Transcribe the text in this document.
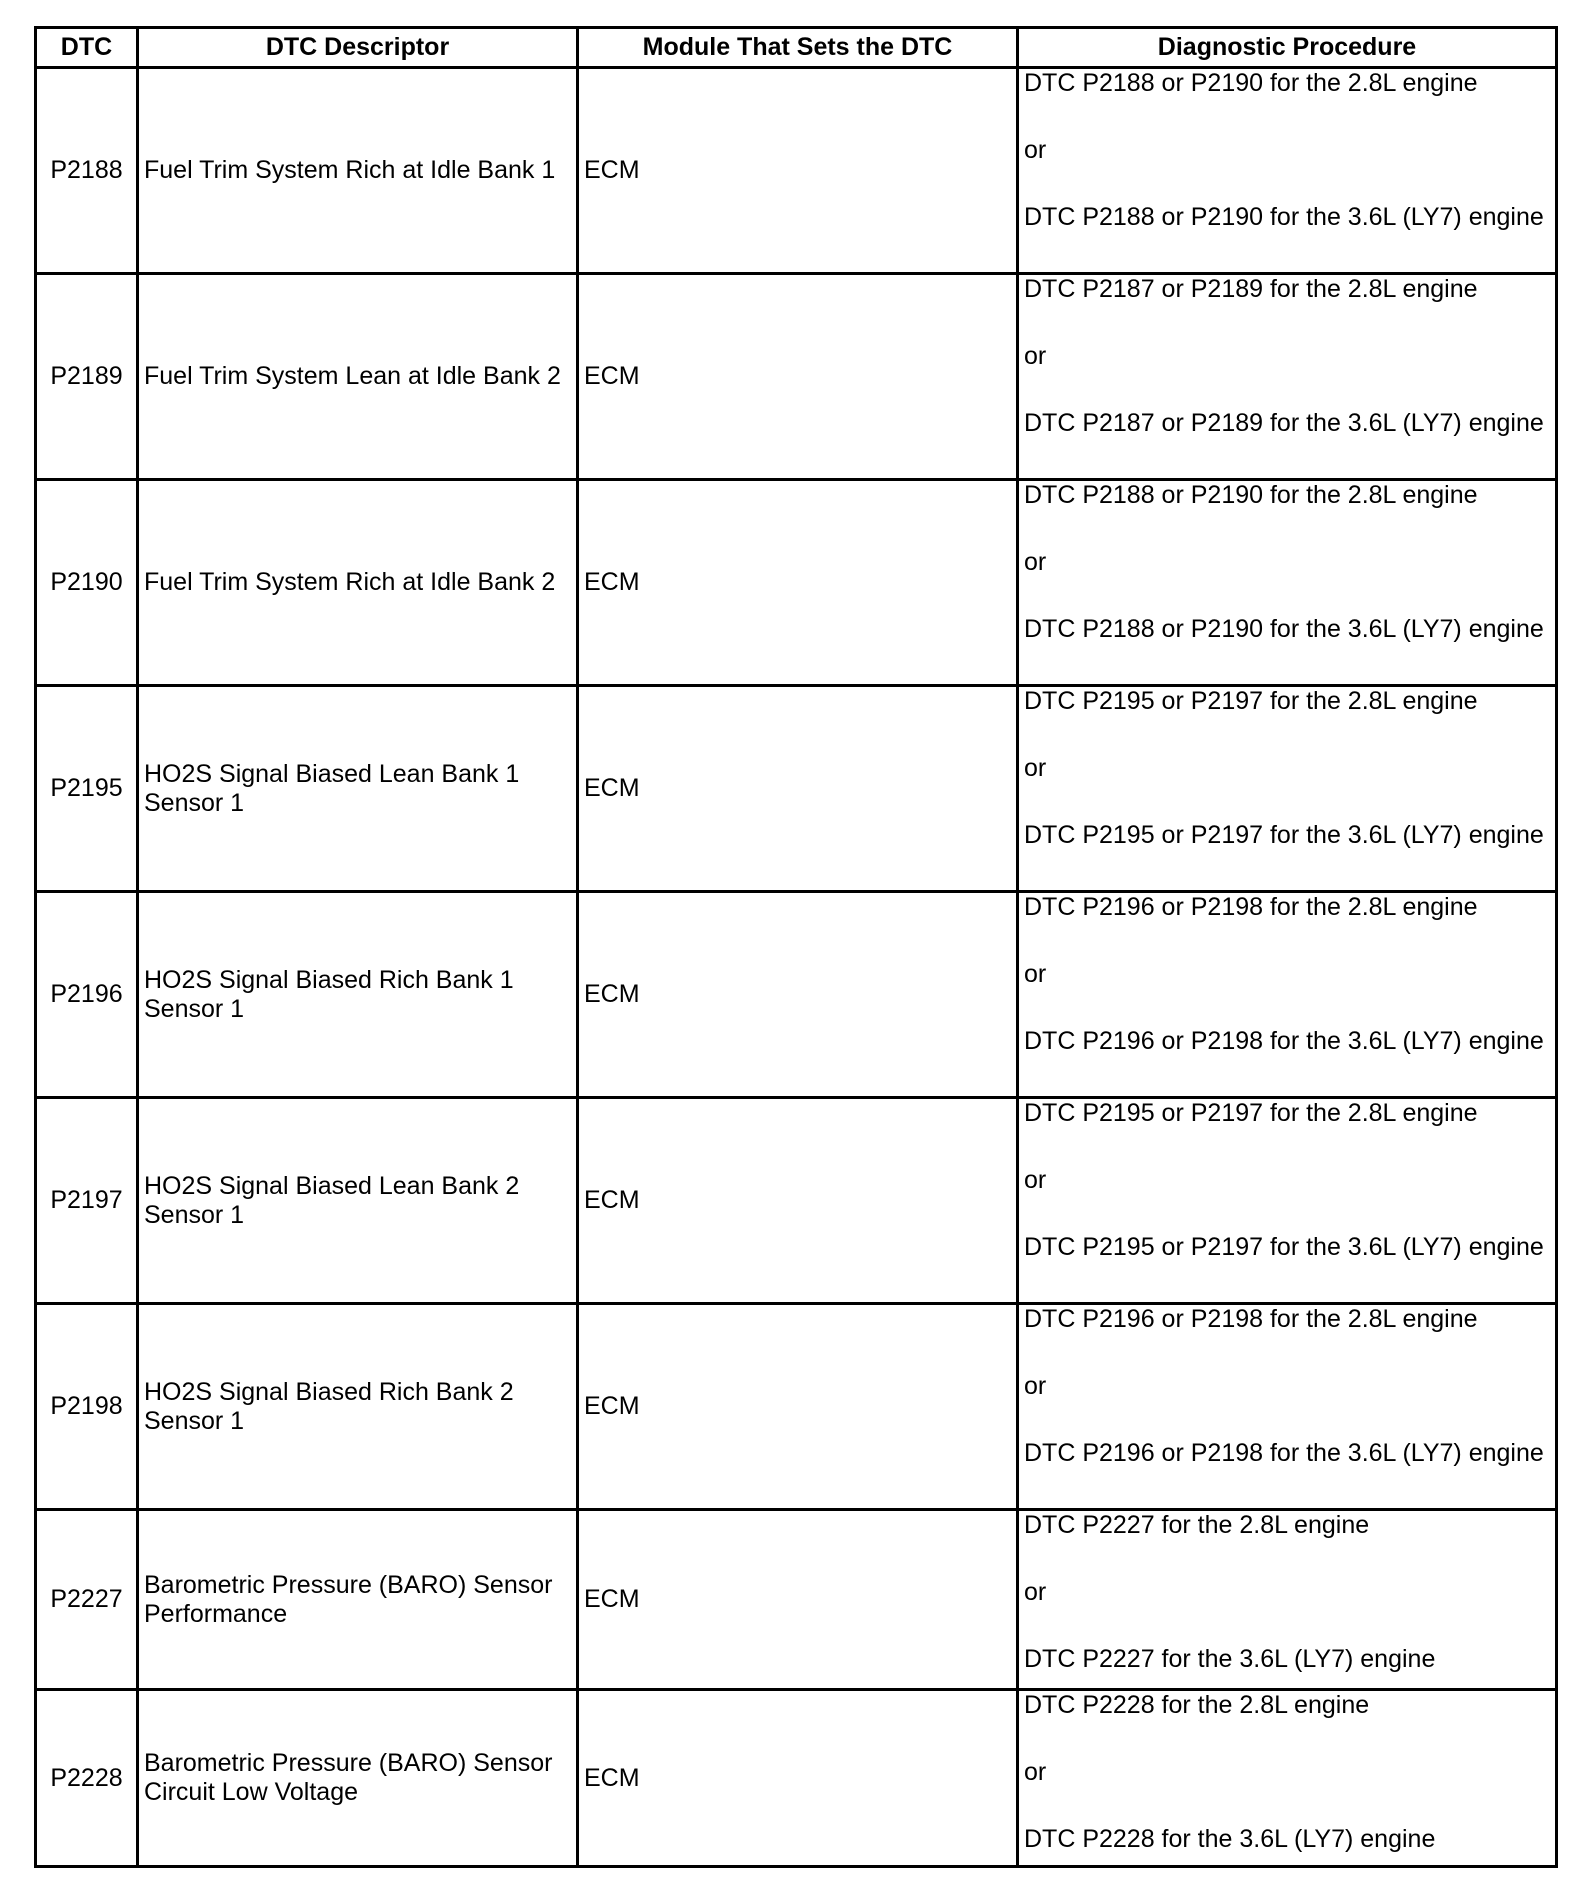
DTC	DTC Descriptor	Module That Sets the DTC	Diagnostic Procedure
P2188	Fuel Trim System Rich at Idle Bank 1	ECM	DTC P2188 or P2190 for the 2.8L engine
or
DTC P2188 or P2190 for the 3.6L (LY7) engine

P2189	Fuel Trim System Lean at Idle Bank 2	ECM	DTC P2187 or P2189 for the 2.8L engine
or
DTC P2187 or P2189 for the 3.6L (LY7) engine

P2190	Fuel Trim System Rich at Idle Bank 2	ECM	DTC P2188 or P2190 for the 2.8L engine
or
DTC P2188 or P2190 for the 3.6L (LY7) engine

P2195	HO2S Signal Biased Lean Bank 1 Sensor 1	ECM	DTC P2195 or P2197 for the 2.8L engine
or
DTC P2195 or P2197 for the 3.6L (LY7) engine

P2196	HO2S Signal Biased Rich Bank 1 Sensor 1	ECM	DTC P2196 or P2198 for the 2.8L engine
or
DTC P2196 or P2198 for the 3.6L (LY7) engine

P2197	HO2S Signal Biased Lean Bank 2 Sensor 1	ECM	DTC P2195 or P2197 for the 2.8L engine
or
DTC P2195 or P2197 for the 3.6L (LY7) engine

P2198	HO2S Signal Biased Rich Bank 2 Sensor 1	ECM	DTC P2196 or P2198 for the 2.8L engine
or
DTC P2196 or P2198 for the 3.6L (LY7) engine

P2227	Barometric Pressure (BARO) Sensor Performance	ECM	DTC P2227 for the 2.8L engine
or
DTC P2227 for the 3.6L (LY7) engine

P2228	Barometric Pressure (BARO) Sensor Circuit Low Voltage	ECM	DTC P2228 for the 2.8L engine
or
DTC P2228 for the 3.6L (LY7) engine
